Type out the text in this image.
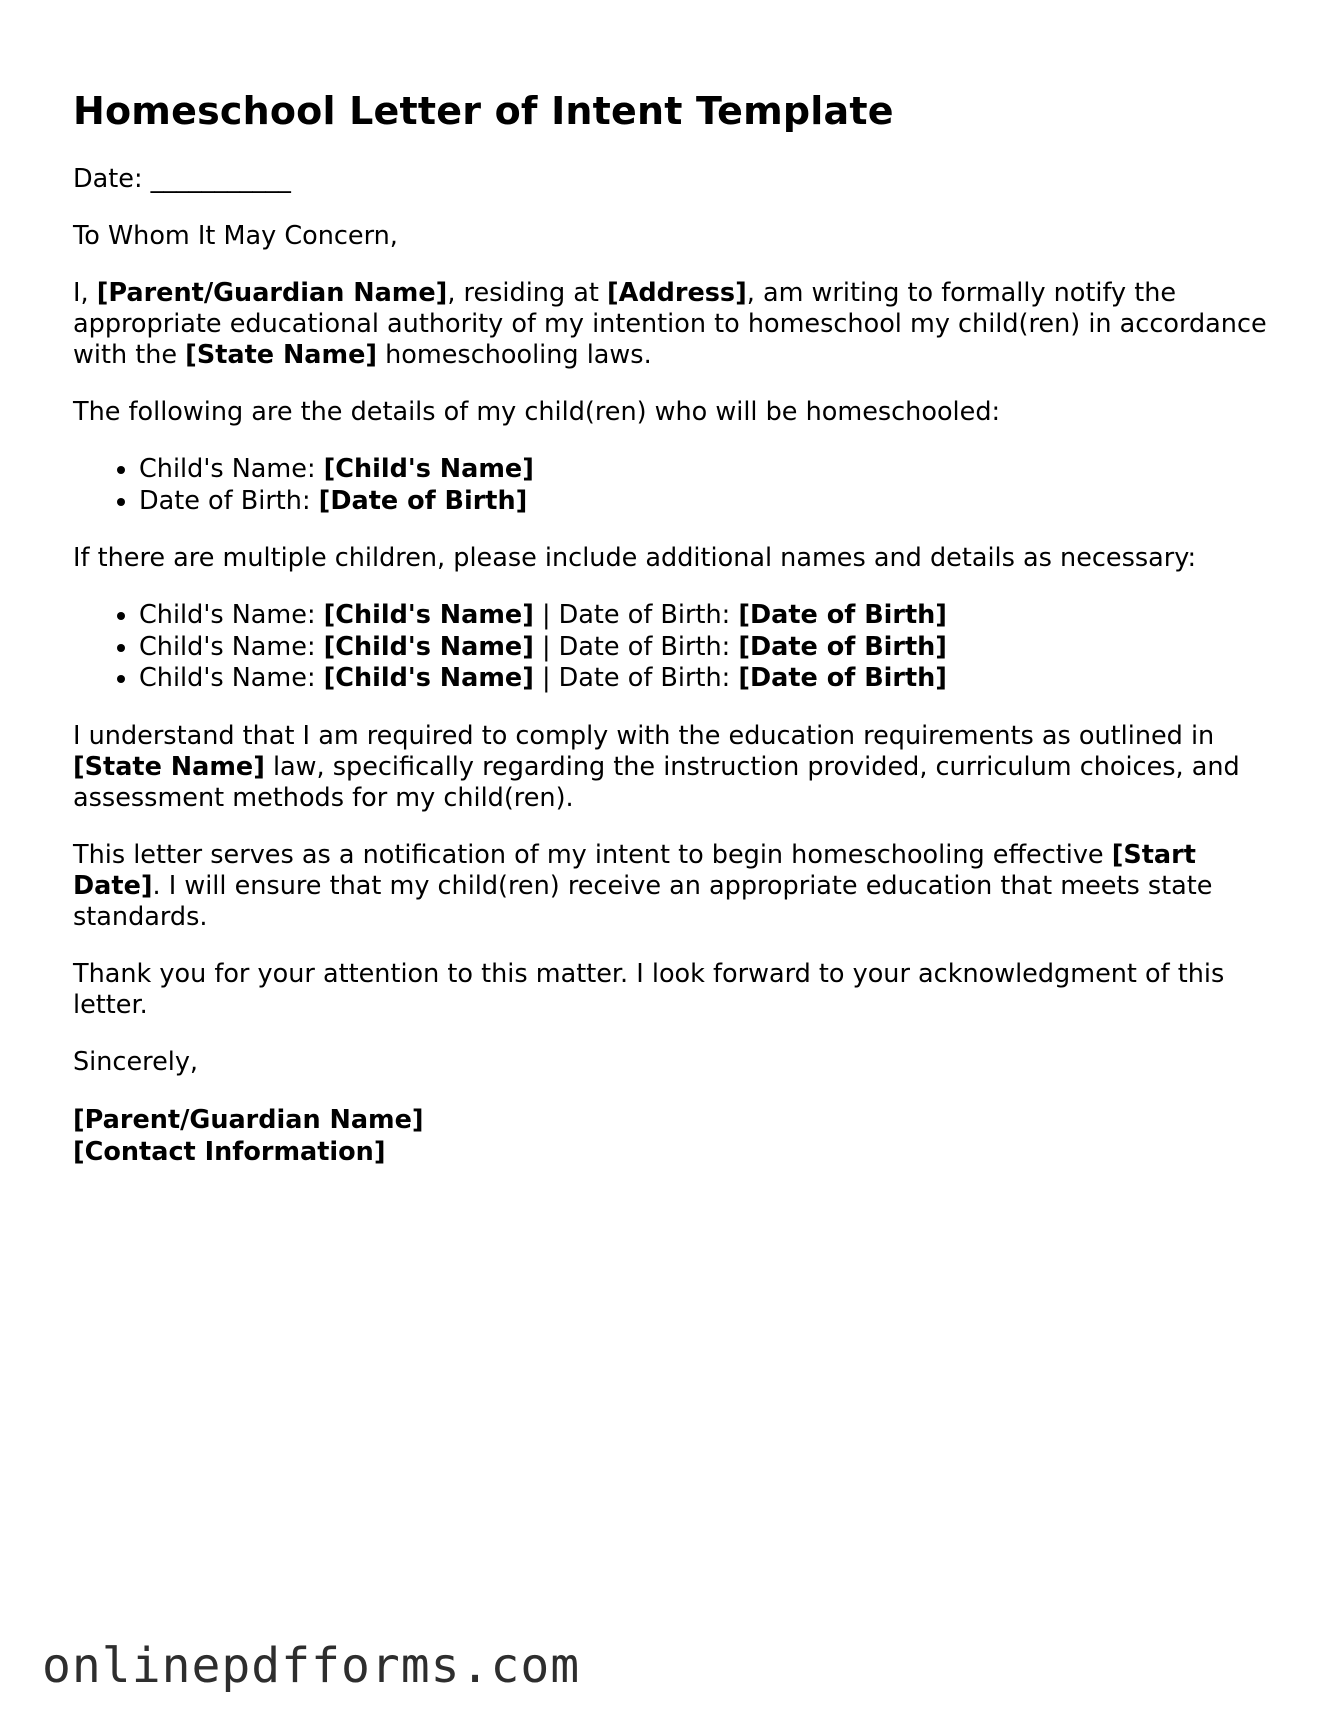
Homeschool Letter of Intent Template

Date: ___________

To Whom It May Concern,

I, [Parent/Guardian Name], residing at [Address], am writing to formally notify the appropriate educational authority of my intention to homeschool my child(ren) in accordance with the [State Name] homeschooling laws.

The following are the details of my child(ren) who will be homeschooled:

• Child's Name: [Child's Name]
• Date of Birth: [Date of Birth]

If there are multiple children, please include additional names and details as necessary:

• Child's Name: [Child's Name] | Date of Birth: [Date of Birth]
• Child's Name: [Child's Name] | Date of Birth: [Date of Birth]
• Child's Name: [Child's Name] | Date of Birth: [Date of Birth]

I understand that I am required to comply with the education requirements as outlined in [State Name] law, specifically regarding the instruction provided, curriculum choices, and assessment methods for my child(ren).

This letter serves as a notification of my intent to begin homeschooling effective [Start Date]. I will ensure that my child(ren) receive an appropriate education that meets state standards.

Thank you for your attention to this matter. I look forward to your acknowledgment of this letter.

Sincerely,

[Parent/Guardian Name]
[Contact Information]
onlinepdfforms.com
